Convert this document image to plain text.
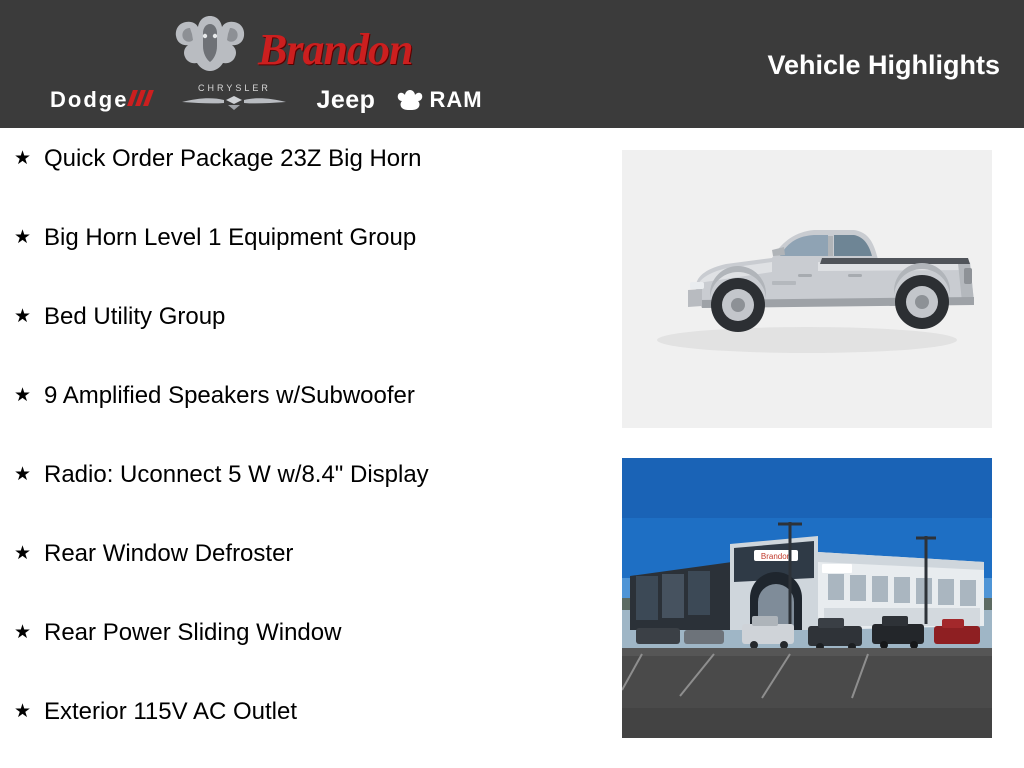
Brandon
Dodge	CHRYSLER Jeep RAM
Vehicle Highlights
★ Quick Order Package 23Z Big Horn
★ Big Horn Level 1 Equipment Group
★ Bed Utility Group
★ 9 Amplified Speakers w/Subwoofer
★ Radio: Uconnect 5 W w/8.4" Display
★ Rear Window Defroster
★ Rear Power Sliding Window
★ Exterior 115V AC Outlet
Brandon
